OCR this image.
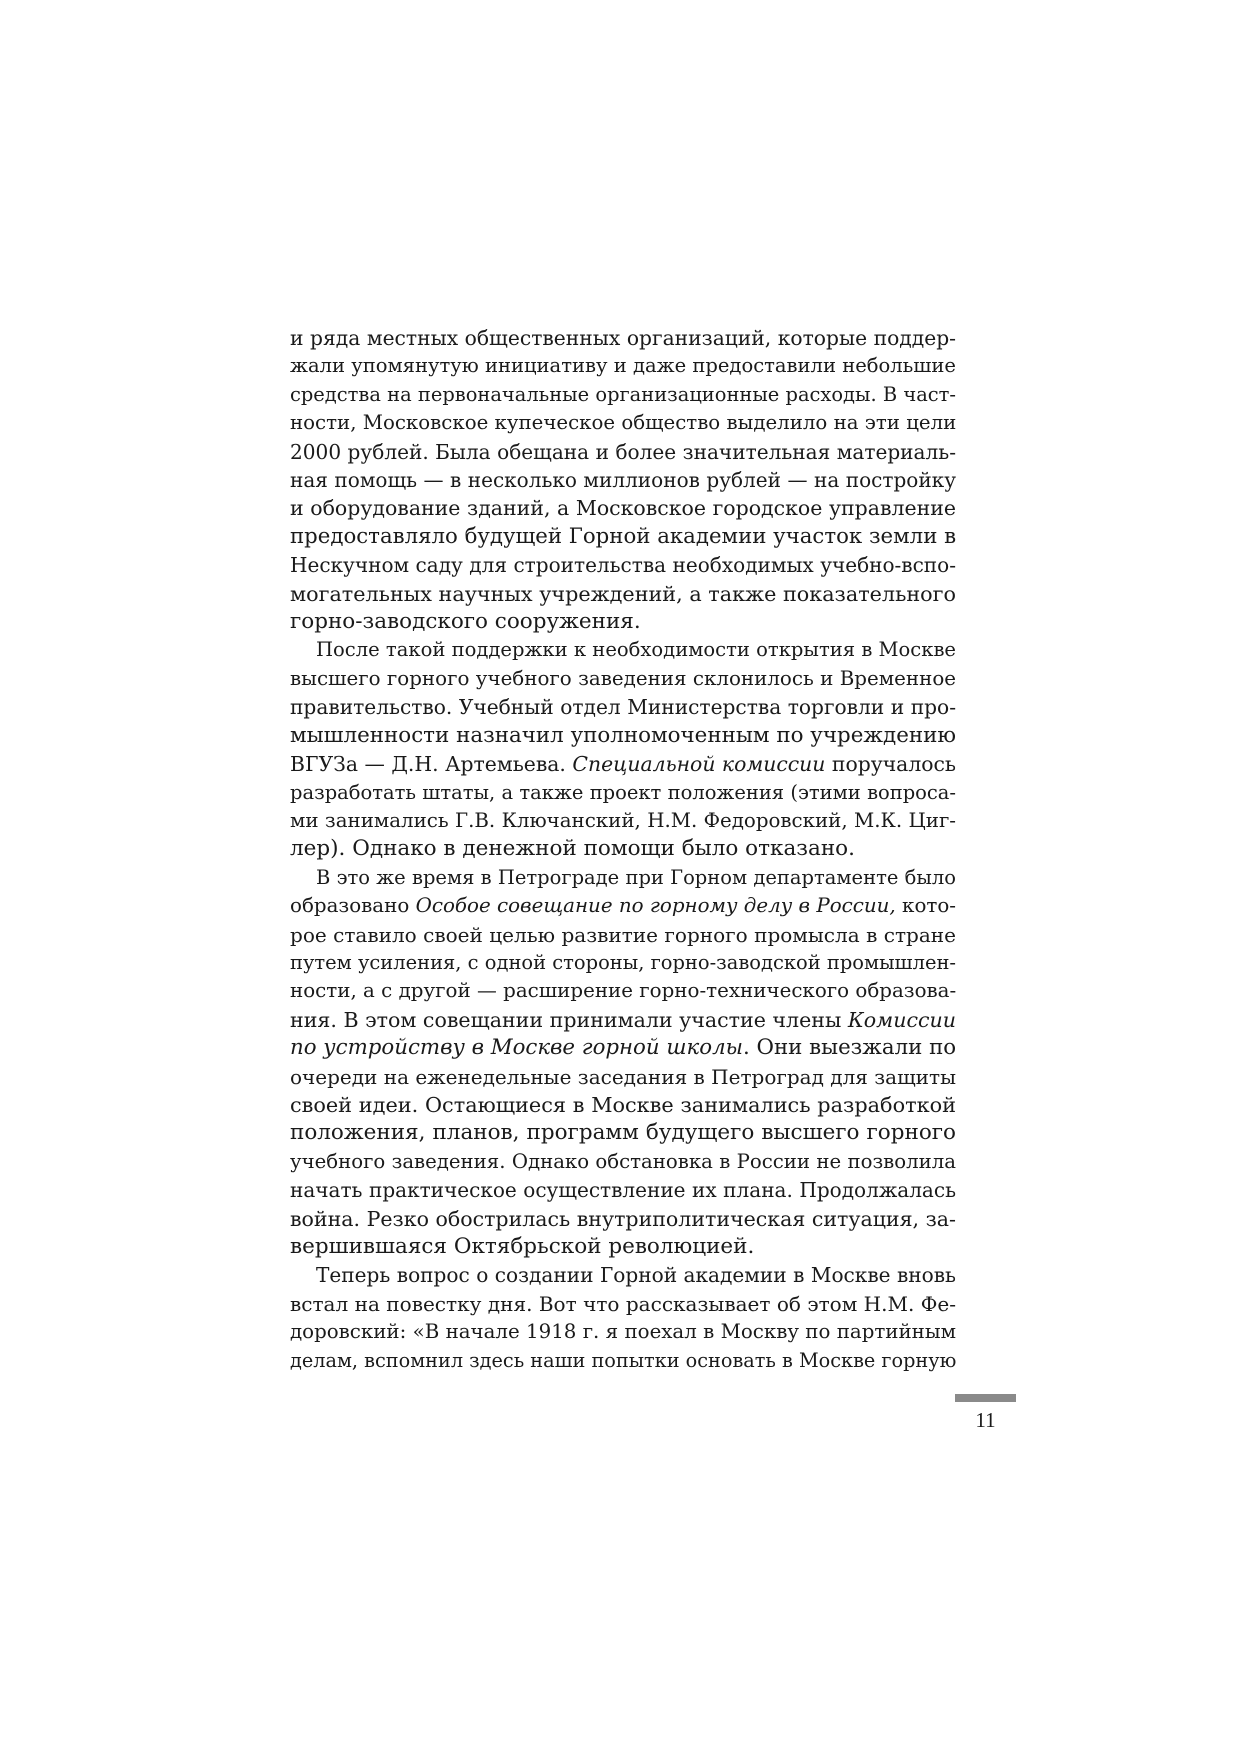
и ряда местных общественных организаций, которые поддер-
жали упомянутую инициативу и даже предоставили небольшие
средства на первоначальные организационные расходы. В част-
ности, Московское купеческое общество выделило на эти цели
2000 рублей. Была обещана и более значительная материаль-
ная помощь — в несколько миллионов рублей — на постройку
и оборудование зданий, а Московское городское управление
предоставляло будущей Горной академии участок земли в
Нескучном саду для строительства необходимых учебно-вспо-
могательных научных учреждений, а также показательного
горно-заводского сооружения.
После такой поддержки к необходимости открытия в Москве
высшего горного учебного заведения склонилось и Временное
правительство. Учебный отдел Министерства торговли и про-
мышленности назначил уполномоченным по учреждению
ВГУЗа — Д.Н. Артемьева. Специальной комиссии поручалось
разработать штаты, а также проект положения (этими вопроса-
ми занимались Г.В. Ключанский, Н.М. Федоровский, М.К. Циг-
лер). Однако в денежной помощи было отказано.
В это же время в Петрограде при Горном департаменте было
образовано Особое совещание по горному делу в России, кото-
рое ставило своей целью развитие горного промысла в стране
путем усиления, с одной стороны, горно-заводской промышлен-
ности, а с другой — расширение горно-технического образова-
ния. В этом совещании принимали участие члены Комиссии
по устройству в Москве горной школы. Они выезжали по
очереди на еженедельные заседания в Петроград для защиты
своей идеи. Остающиеся в Москве занимались разработкой
положения, планов, программ будущего высшего горного
учебного заведения. Однако обстановка в России не позволила
начать практическое осуществление их плана. Продолжалась
война. Резко обострилась внутриполитическая ситуация, за-
вершившаяся Октябрьской революцией.
Теперь вопрос о создании Горной академии в Москве вновь
встал на повестку дня. Вот что рассказывает об этом Н.М. Фе-
доровский: «В начале 1918 г. я поехал в Москву по партийным
делам, вспомнил здесь наши попытки основать в Москве горную
11
